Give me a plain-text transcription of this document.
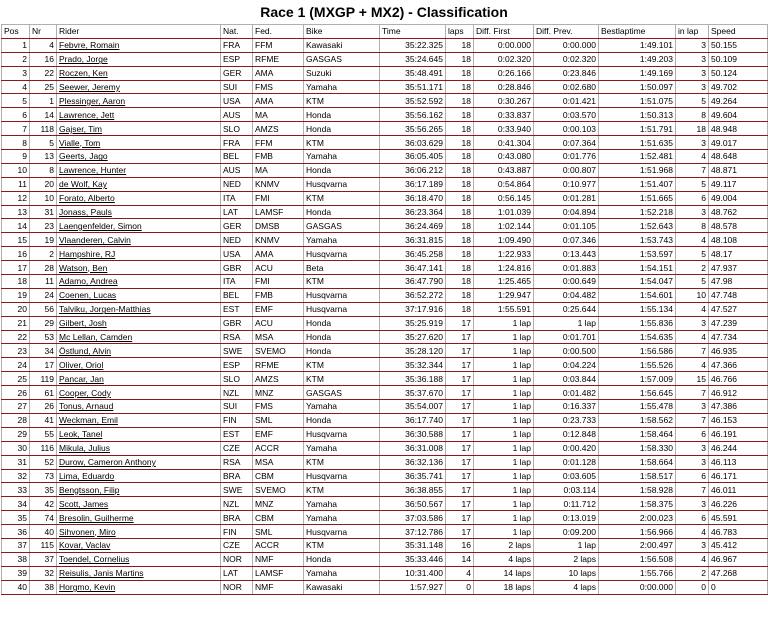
Race 1 (MXGP + MX2) - Classification
Pos	Nr	Rider	Nat.	Fed.	Bike	Time	laps	Diff. First	Diff. Prev.	Bestlaptime	in lap	Speed
1	4	Febvre, Romain	FRA	FFM	Kawasaki	35:22.325	18	0:00.000	0:00.000	1:49.101	3	50.155
2	16	Prado, Jorge	ESP	RFME	GASGAS	35:24.645	18	0:02.320	0:02.320	1:49.203	3	50.109
3	22	Roczen, Ken	GER	AMA	Suzuki	35:48.491	18	0:26.166	0:23.846	1:49.169	3	50.124
4	25	Seewer, Jeremy	SUI	FMS	Yamaha	35:51.171	18	0:28.846	0:02.680	1:50.097	3	49.702
5	1	Plessinger, Aaron	USA	AMA	KTM	35:52.592	18	0:30.267	0:01.421	1:51.075	5	49.264
6	14	Lawrence, Jett	AUS	MA	Honda	35:56.162	18	0:33.837	0:03.570	1:50.313	8	49.604
7	118	Gajser, Tim	SLO	AMZS	Honda	35:56.265	18	0:33.940	0:00.103	1:51.791	18	48.948
8	5	Vialle, Tom	FRA	FFM	KTM	36:03.629	18	0:41.304	0:07.364	1:51.635	3	49.017
9	13	Geerts, Jago	BEL	FMB	Yamaha	36:05.405	18	0:43.080	0:01.776	1:52.481	4	48.648
10	8	Lawrence, Hunter	AUS	MA	Honda	36:06.212	18	0:43.887	0:00.807	1:51.968	7	48.871
11	20	de Wolf, Kay	NED	KNMV	Husqvarna	36:17.189	18	0:54.864	0:10.977	1:51.407	5	49.117
12	10	Forato, Alberto	ITA	FMI	KTM	36:18.470	18	0:56.145	0:01.281	1:51.665	6	49.004
13	31	Jonass, Pauls	LAT	LAMSF	Honda	36:23.364	18	1:01.039	0:04.894	1:52.218	3	48.762
14	23	Laengenfelder, Simon	GER	DMSB	GASGAS	36:24.469	18	1:02.144	0:01.105	1:52.643	8	48.578
15	19	Vlaanderen, Calvin	NED	KNMV	Yamaha	36:31.815	18	1:09.490	0:07.346	1:53.743	4	48.108
16	2	Hampshire, RJ	USA	AMA	Husqvarna	36:45.258	18	1:22.933	0:13.443	1:53.597	5	48.17
17	28	Watson, Ben	GBR	ACU	Beta	36:47.141	18	1:24.816	0:01.883	1:54.151	2	47.937
18	11	Adamo, Andrea	ITA	FMI	KTM	36:47.790	18	1:25.465	0:00.649	1:54.047	5	47.98
19	24	Coenen, Lucas	BEL	FMB	Husqvarna	36:52.272	18	1:29.947	0:04.482	1:54.601	10	47.748
20	56	Talviku, Jorgen-Matthias	EST	EMF	Husqvarna	37:17.916	18	1:55.591	0:25.644	1:55.134	4	47.527
21	29	Gilbert, Josh	GBR	ACU	Honda	35:25.919	17	1 lap	1 lap	1:55.836	3	47.239
22	53	Mc Lellan, Camden	RSA	MSA	Honda	35:27.620	17	1 lap	0:01.701	1:54.635	4	47.734
23	34	Östlund, Alvin	SWE	SVEMO	Honda	35:28.120	17	1 lap	0:00.500	1:56.586	7	46.935
24	17	Oliver, Oriol	ESP	RFME	KTM	35:32.344	17	1 lap	0:04.224	1:55.526	4	47.366
25	119	Pancar, Jan	SLO	AMZS	KTM	35:36.188	17	1 lap	0:03.844	1:57.009	15	46.766
26	61	Cooper, Cody	NZL	MNZ	GASGAS	35:37.670	17	1 lap	0:01.482	1:56.645	7	46.912
27	26	Tonus, Arnaud	SUI	FMS	Yamaha	35:54.007	17	1 lap	0:16.337	1:55.478	3	47.386
28	41	Weckman, Emil	FIN	SML	Honda	36:17.740	17	1 lap	0:23.733	1:58.562	7	46.153
29	55	Leok, Tanel	EST	EMF	Husqvarna	36:30.588	17	1 lap	0:12.848	1:58.464	6	46.191
30	116	Mikula, Julius	CZE	ACCR	Yamaha	36:31.008	17	1 lap	0:00.420	1:58.330	3	46.244
31	52	Durow, Cameron Anthony	RSA	MSA	KTM	36:32.136	17	1 lap	0:01.128	1:58.664	3	46.113
32	73	Lima, Eduardo	BRA	CBM	Husqvarna	36:35.741	17	1 lap	0:03.605	1:58.517	6	46.171
33	35	Bengtsson, Filip	SWE	SVEMO	KTM	36:38.855	17	1 lap	0:03.114	1:58.928	7	46.011
34	42	Scott, James	NZL	MNZ	Yamaha	36:50.567	17	1 lap	0:11.712	1:58.375	3	46.226
35	74	Bresolin, Guilherme	BRA	CBM	Yamaha	37:03.586	17	1 lap	0:13.019	2:00.023	6	45.591
36	40	Sihvonen, Miro	FIN	SML	Husqvarna	37:12.786	17	1 lap	0:09.200	1:56.966	4	46.783
37	115	Kovar, Vaclav	CZE	ACCR	KTM	35:31.148	16	2 laps	1 lap	2:00.497	3	45.412
38	37	Toendel, Cornelius	NOR	NMF	Honda	35:33.446	14	4 laps	2 laps	1:56.508	4	46.967
39	32	Reisulis, Janis Martins	LAT	LAMSF	Yamaha	10:31.400	4	14 laps	10 laps	1:55.766	2	47.268
40	38	Horgmo, Kevin	NOR	NMF	Kawasaki	1:57.927	0	18 laps	4 laps	0:00.000	0	0
